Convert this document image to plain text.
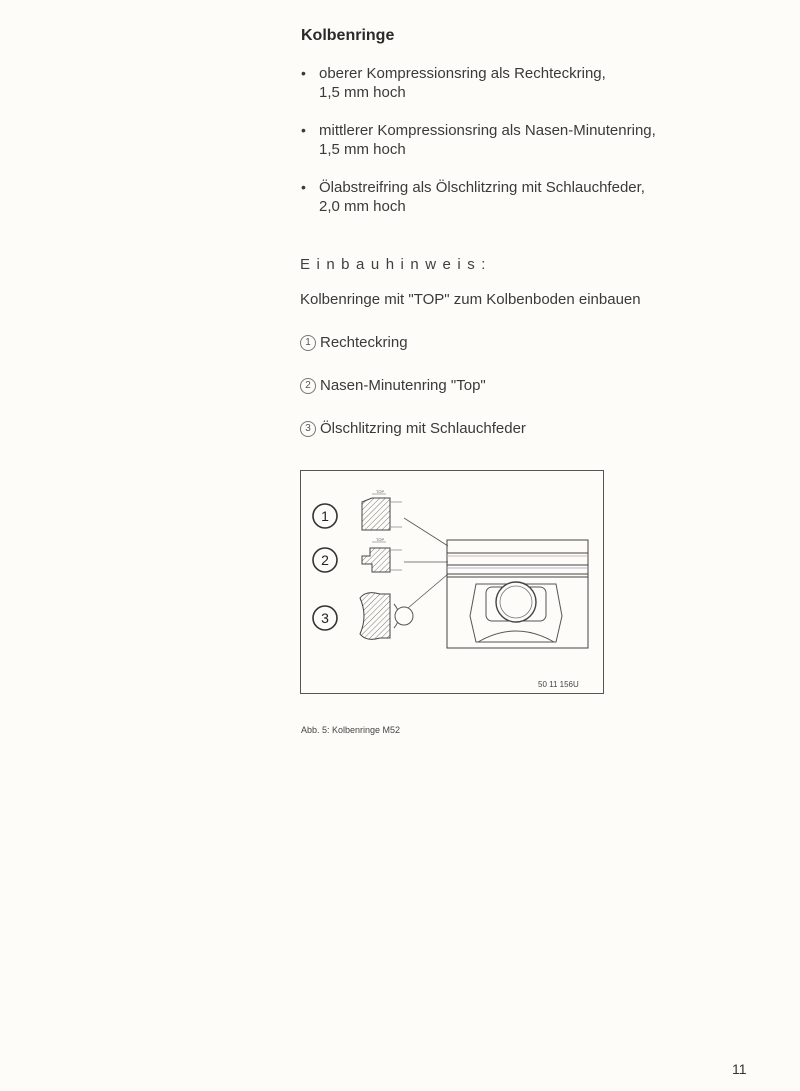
Kolbenringe
• oberer Kompressionsring als Rechteckring,
1,5 mm hoch
• mittlerer Kompressionsring als Nasen-Minutenring,
1,5 mm hoch
• Ölabstreifring als Ölschlitzring mit Schlauchfeder,
2,0 mm hoch
Einbauhinweis:
Kolbenringe mit "TOP" zum Kolbenboden einbauen
1 Rechteckring
2 Nasen-Minutenring "Top"
3 Ölschlitzring mit Schlauchfeder
1
2
3
TOP
TOP
50 11 156U
Abb. 5: Kolbenringe M52
11
